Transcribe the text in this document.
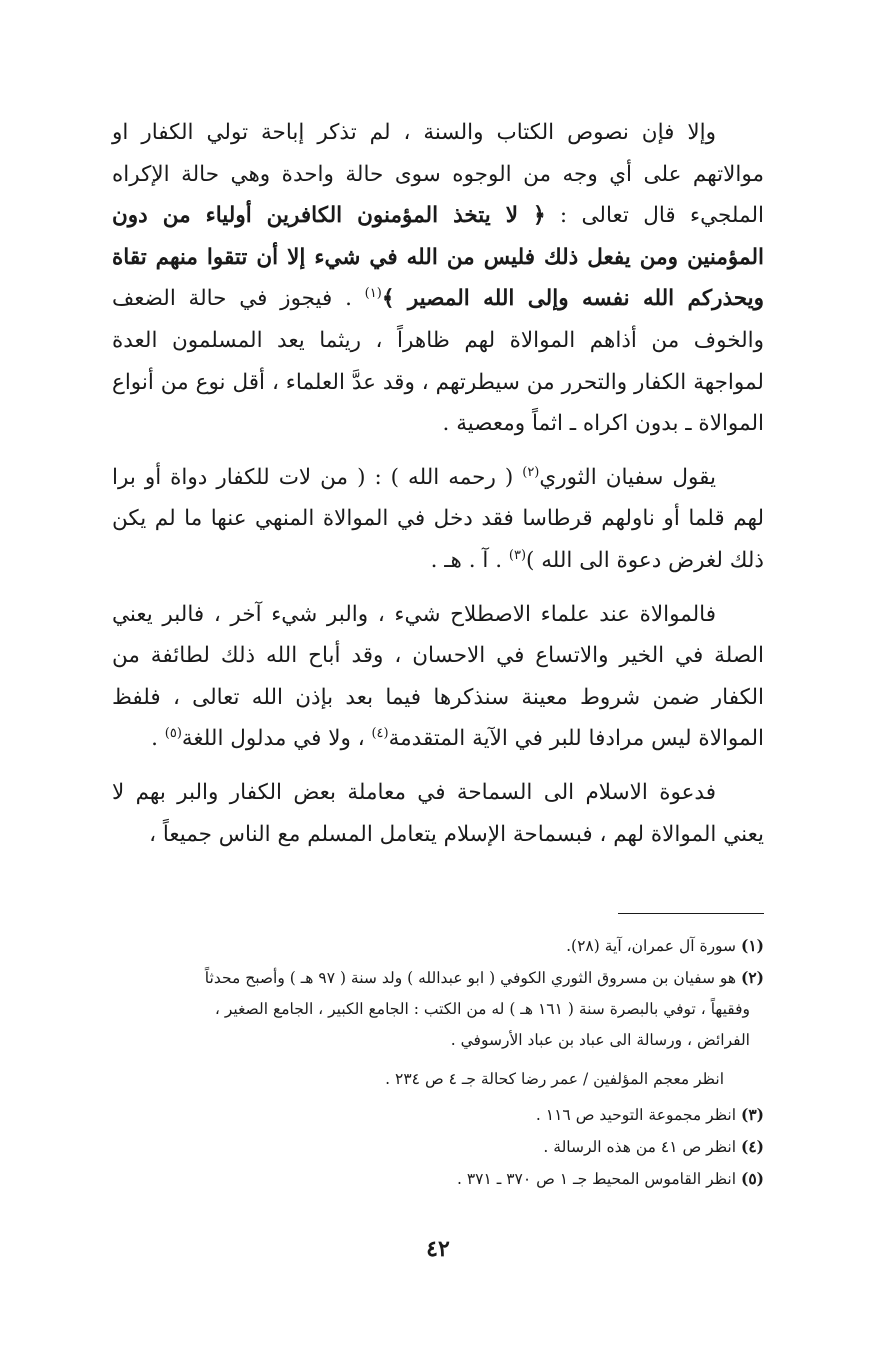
وإلا فإن نصوص الكتاب والسنة ، لم تذكر إباحة تولي الكفار او موالاتهم على أي وجه من الوجوه سوى حالة واحدة وهي حالة الإكراه الملجيء قال تعالى : ﴿ لا يتخذ المؤمنون الكافرين أولياء من دون المؤمنين ومن يفعل ذلك فليس من الله في شيء إلا أن تتقوا منهم تقاة ويحذركم الله نفسه وإلى الله المصير ﴾$^{(١)}$ . فيجوز في حالة الضعف والخوف من أذاهم الموالاة لهم ظاهراً ، ريثما يعد المسلمون العدة لمواجهة الكفار والتحرر من سيطرتهم ، وقد عدَّ العلماء ، أقل نوع من أنواع الموالاة ـ بدون اكراه ـ اثماً ومعصية .

يقول سفيان الثوري$^{(٢)}$ ( رحمه الله ) : ( من لات للكفار دواة أو برا لهم قلما أو ناولهم قرطاسا فقد دخل في الموالاة المنهي عنها ما لم يكن ذلك لغرض دعوة الى الله )$^{(٣)}$ . آ . هـ .

فالموالاة عند علماء الاصطلاح شيء ، والبر شيء آخر ، فالبر يعني الصلة في الخير والاتساع في الاحسان ، وقد أباح الله ذلك لطائفة من الكفار ضمن شروط معينة سنذكرها فيما بعد بإذن الله تعالى ، فلفظ الموالاة ليس مرادفا للبر في الآية المتقدمة$^{(٤)}$ ، ولا في مدلول اللغة$^{(٥)}$ .

فدعوة الاسلام الى السماحة في معاملة بعض الكفار والبر بهم لا يعني الموالاة لهم ، فبسماحة الإسلام يتعامل المسلم مع الناس جميعاً ،

(١) سورة آل عمران، آية (٢٨).

(٢) هو سفيان بن مسروق الثوري الكوفي ( ابو عبدالله ) ولد سنة ( ٩٧ هـ ) وأصبح محدثاً

وفقيهاً ، توفي بالبصرة سنة ( ١٦١ هـ ) له من الكتب : الجامع الكبير ، الجامع الصغير ،

الفرائض ، ورسالة الى عباد بن عباد الأرسوفي .

انظر معجم المؤلفين / عمر رضا كحالة جـ ٤ ص ٢٣٤ .

(٣) انظر مجموعة التوحيد ص ١١٦ .

(٤) انظر ص ٤١ من هذه الرسالة .

(٥) انظر القاموس المحيط جـ ١ ص ٣٧٠ ـ ٣٧١ .

٤٢
